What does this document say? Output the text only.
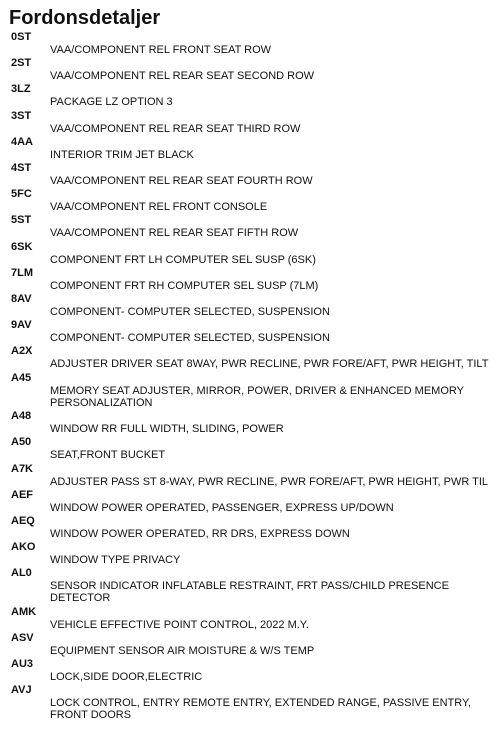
Fordonsdetaljer
0ST
VAA/COMPONENT REL FRONT SEAT ROW
2ST
VAA/COMPONENT REL REAR SEAT SECOND ROW
3LZ
PACKAGE LZ OPTION 3
3ST
VAA/COMPONENT REL REAR SEAT THIRD ROW
4AA
INTERIOR TRIM JET BLACK
4ST
VAA/COMPONENT REL REAR SEAT FOURTH ROW
5FC
VAA/COMPONENT REL FRONT CONSOLE
5ST
VAA/COMPONENT REL REAR SEAT FIFTH ROW
6SK
COMPONENT FRT LH COMPUTER SEL SUSP (6SK)
7LM
COMPONENT FRT RH COMPUTER SEL SUSP (7LM)
8AV
COMPONENT- COMPUTER SELECTED, SUSPENSION
9AV
COMPONENT- COMPUTER SELECTED, SUSPENSION
A2X
ADJUSTER DRIVER SEAT 8WAY, PWR RECLINE, PWR FORE/AFT, PWR HEIGHT, TILT
A45
MEMORY SEAT ADJUSTER, MIRROR, POWER, DRIVER & ENHANCED MEMORY PERSONALIZATION
A48
WINDOW RR FULL WIDTH, SLIDING, POWER
A50
SEAT,FRONT BUCKET
A7K
ADJUSTER PASS ST 8-WAY, PWR RECLINE, PWR FORE/AFT, PWR HEIGHT, PWR TIL
AEF
WINDOW POWER OPERATED, PASSENGER, EXPRESS UP/DOWN
AEQ
WINDOW POWER OPERATED, RR DRS, EXPRESS DOWN
AKO
WINDOW TYPE PRIVACY
AL0
SENSOR INDICATOR INFLATABLE RESTRAINT, FRT PASS/CHILD PRESENCE DETECTOR
AMK
VEHICLE EFFECTIVE POINT CONTROL, 2022 M.Y.
ASV
EQUIPMENT SENSOR AIR MOISTURE & W/S TEMP
AU3
LOCK,SIDE DOOR,ELECTRIC
AVJ
LOCK CONTROL, ENTRY REMOTE ENTRY, EXTENDED RANGE, PASSIVE ENTRY, FRONT DOORS
